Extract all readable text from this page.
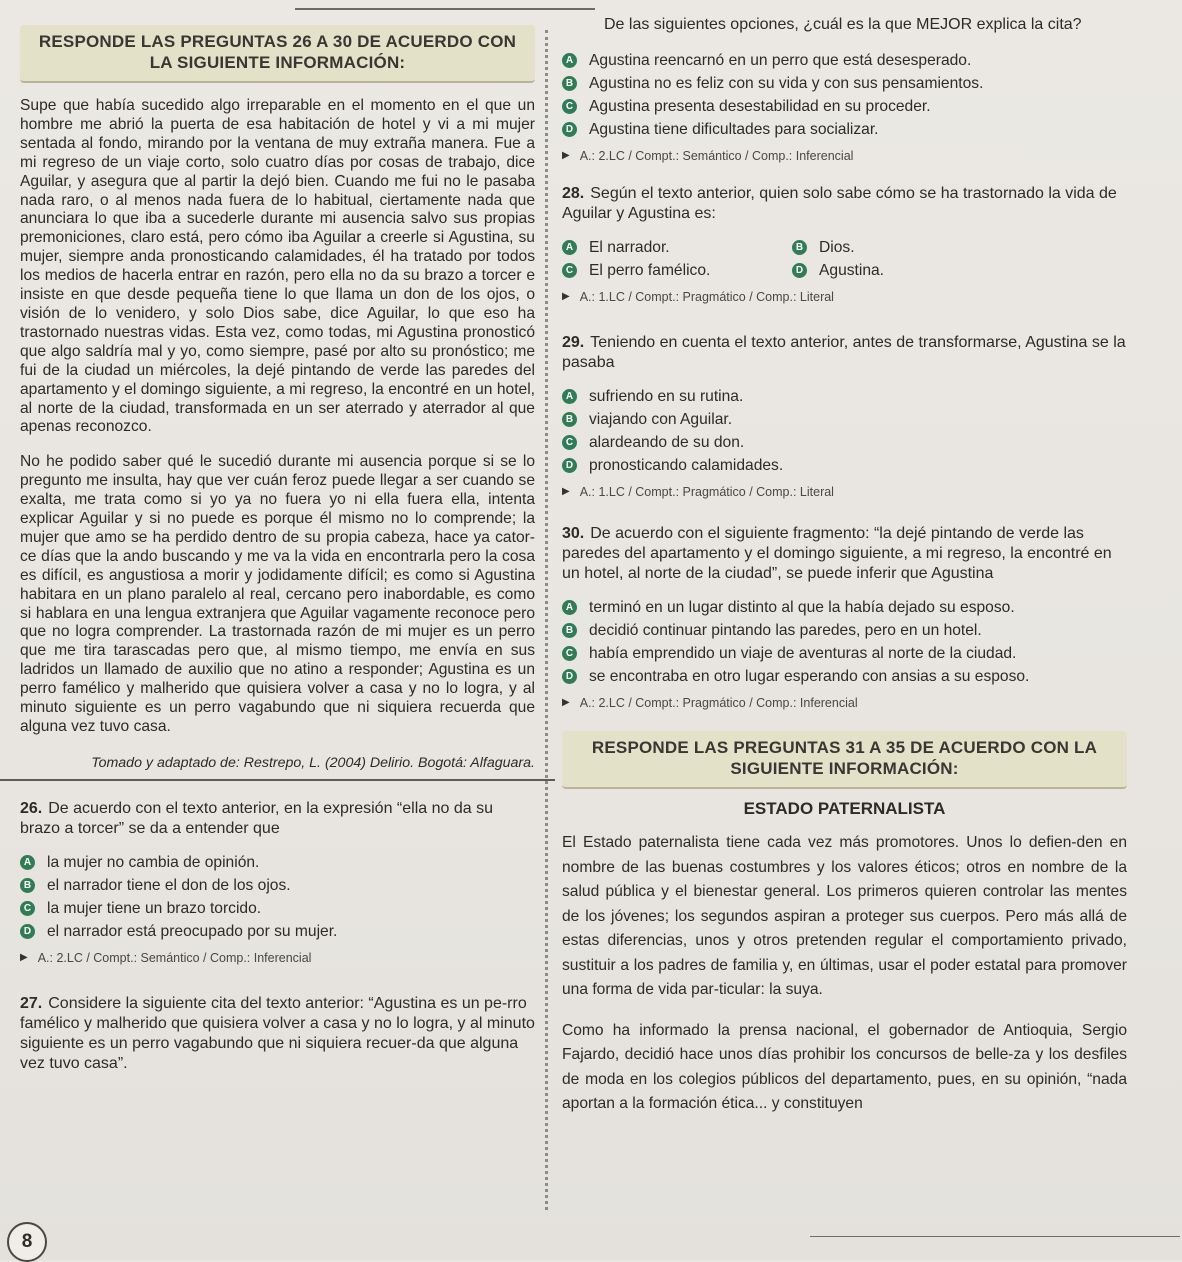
RESPONDE LAS PREGUNTAS 26 A 30 DE ACUERDO CON LA SIGUIENTE INFORMACIÓN:

Supe que había sucedido algo irreparable en el momento en el que un hombre me abrió la puerta de esa habitación de hotel y vi a mi mujer sentada al fondo, mirando por la ventana de muy extraña manera. Fue a mi regreso de un viaje corto, solo cuatro días por cosas de trabajo, dice Aguilar, y asegura que al partir la dejó bien. Cuando me fui no le pasaba nada raro, o al menos nada fuera de lo habitual, ciertamente nada que anunciara lo que iba a sucederle durante mi ausencia salvo sus propias premoniciones, claro está, pero cómo iba Aguilar a creerle si Agustina, su mujer, siempre anda pronosticando calamidades, él ha tratado por todos los medios de hacerla entrar en razón, pero ella no da su brazo a torcer e insiste en que desde pequeña tiene lo que llama un don de los ojos, o visión de lo venidero, y solo Dios sabe, dice Aguilar, lo que eso ha trastornado nuestras vidas. Esta vez, como todas, mi Agustina pronosticó que algo saldría mal y yo, como siempre, pasé por alto su pronóstico; me fui de la ciudad un miércoles, la dejé pintando de verde las paredes del apartamento y el domingo siguiente, a mi regreso, la encontré en un hotel, al norte de la ciudad, transformada en un ser aterrado y aterrador al que apenas reconozco.

No he podido saber qué le sucedió durante mi ausencia porque si se lo pregunto me insulta, hay que ver cuán feroz puede llegar a ser cuando se exalta, me trata como si yo ya no fuera yo ni ella fuera ella, intenta explicar Aguilar y si no puede es porque él mismo no lo comprende; la mujer que amo se ha perdido dentro de su propia cabeza, hace ya cator-ce días que la ando buscando y me va la vida en encontrarla pero la cosa es difícil, es angustiosa a morir y jodidamente difícil; es como si Agustina habitara en un plano paralelo al real, cercano pero inabordable, es como si hablara en una lengua extranjera que Aguilar vagamente reconoce pero que no logra comprender. La trastornada razón de mi mujer es un perro que me tira tarascadas pero que, al mismo tiempo, me envía en sus ladridos un llamado de auxilio que no atino a responder; Agustina es un perro famélico y malherido que quisiera volver a casa y no lo logra, y al minuto siguiente es un perro vagabundo que ni siquiera recuerda que alguna vez tuvo casa.

Tomado y adaptado de: Restrepo, L. (2004) Delirio. Bogotá: Alfaguara.
26. De acuerdo con el texto anterior, en la expresión “ella no da su brazo a torcer” se da a entender que
A la mujer no cambia de opinión.
B el narrador tiene el don de los ojos.
C la mujer tiene un brazo torcido.
D el narrador está preocupado por su mujer.
▶ A.: 2.LC / Compt.: Semántico / Comp.: Inferencial
27. Considere la siguiente cita del texto anterior: “Agustina es un pe-rro famélico y malherido que quisiera volver a casa y no lo logra, y al minuto siguiente es un perro vagabundo que ni siquiera recuer-da que alguna vez tuvo casa”.
De las siguientes opciones, ¿cuál es la que MEJOR explica la cita?
A Agustina reencarnó en un perro que está desesperado.
B Agustina no es feliz con su vida y con sus pensamientos.
C Agustina presenta desestabilidad en su proceder.
D Agustina tiene dificultades para socializar.
▶ A.: 2.LC / Compt.: Semántico / Comp.: Inferencial
28. Según el texto anterior, quien solo sabe cómo se ha trastornado la vida de Aguilar y Agustina es:
A El narrador.	B Dios.
C El perro famélico.	D Agustina.
▶ A.: 1.LC / Compt.: Pragmático / Comp.: Literal
29. Teniendo en cuenta el texto anterior, antes de transformarse, Agustina se la pasaba
A sufriendo en su rutina.
B viajando con Aguilar.
C alardeando de su don.
D pronosticando calamidades.
▶ A.: 1.LC / Compt.: Pragmático / Comp.: Literal
30. De acuerdo con el siguiente fragmento: “la dejé pintando de verde las paredes del apartamento y el domingo siguiente, a mi regreso, la encontré en un hotel, al norte de la ciudad”, se puede inferir que Agustina
A terminó en un lugar distinto al que la había dejado su esposo.
B decidió continuar pintando las paredes, pero en un hotel.
C había emprendido un viaje de aventuras al norte de la ciudad.
D se encontraba en otro lugar esperando con ansias a su esposo.
▶ A.: 2.LC / Compt.: Pragmático / Comp.: Inferencial
RESPONDE LAS PREGUNTAS 31 A 35 DE ACUERDO CON LA SIGUIENTE INFORMACIÓN:
ESTADO PATERNALISTA

El Estado paternalista tiene cada vez más promotores. Unos lo defien-den en nombre de las buenas costumbres y los valores éticos; otros en nombre de la salud pública y el bienestar general. Los primeros quieren controlar las mentes de los jóvenes; los segundos aspiran a proteger sus cuerpos. Pero más allá de estas diferencias, unos y otros pretenden regular el comportamiento privado, sustituir a los padres de familia y, en últimas, usar el poder estatal para promover una forma de vida par-ticular: la suya.

Como ha informado la prensa nacional, el gobernador de Antioquia, Sergio Fajardo, decidió hace unos días prohibir los concursos de belle-za y los desfiles de moda en los colegios públicos del departamento, pues, en su opinión, “nada aportan a la formación ética... y constituyen

8
